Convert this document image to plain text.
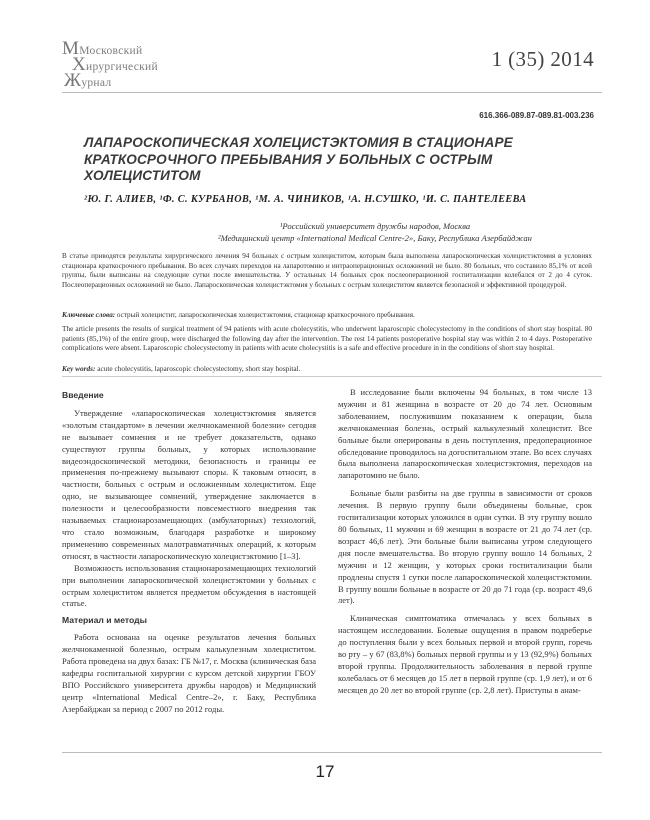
MМосковский
Xирургический
Журнал
1 (35) 2014
616.366-089.87-089.81-003.236
ЛАПАРОСКОПИЧЕСКАЯ ХОЛЕЦИСТЭКТОМИЯ В СТАЦИОНАРЕ КРАТКОСРОЧНОГО ПРЕБЫВАНИЯ У БОЛЬНЫХ С ОСТРЫМ ХОЛЕЦИСТИТОМ
²Ю. Г. АЛИЕВ, ¹Ф. С. КУРБАНОВ, ¹М. А. ЧИНИКОВ, ¹А. Н.СУШКО, ¹И. С. ПАНТЕЛЕЕВА
¹Российский университет дружбы народов, Москва
²Медицинский центр «International Medical Centre-2», Баку, Республика Азербайджан
В статье приводятся результаты хирургического лечения 94 больных с острым холециститом, которым была выполнена лапароскопическая холецистэктомия в условиях стационара краткосрочного пребывания. Во всех случаях переходов на лапаротомию и интраоперационных осложнений не было. 80 больных, что составило 85,1% от всей группы, были выписаны на следующие сутки после вмешательства. У остальных 14 больных срок послеоперационной госпитализации колебался от 2 до 4 суток. Послеоперационных осложнений не было. Лапароскопическая холецистэктомия у больных с острым холециститом является безопасной и эффективной процедурой.
Ключевые слова: острый холецистит, лапароскопическая холецистэктомия, стационар краткосрочного пребывания.
The article presents the results of surgical treatment of 94 patients with acute cholecystitis, who underwent laparoscopic cholecystectomy in the conditions of short stay hospital. 80 patients (85,1%) of the entire group, were discharged the following day after the intervention. The rest 14 patients postoperative hospital stay was within 2 to 4 days. Postoperative complications were absent. Laparoscopic cholecystectomy in patients with acute cholecystitis is a safe and effective procedure in in the conditions of short stay hospital.
Key words: acute cholecystitis, laparoscopic cholecystectomy, short stay hospital.
Введение

Утверждение «лапароскопическая холецистэктомия является «золотым стандартом» в лечении желчнокаменной болезни» сегодня не вызывает сомнения и не требует доказательств, однако существуют группы больных, у которых использование видеоэндоскопической методики, безопасность и границы ее применения по-прежнему вызывают споры. К таковым относят, в частности, больных с острым и осложненным холециститом. Еще одно, не вызывающее сомнений, утверждение заключается в полезности и целесообразности повсеместного внедрения так называемых стационарозамещающих (амбулаторных) технологий, что стало возможным, благодаря разработке и широкому применению современных малотравматичных операций, к которым относят, в частности лапароскопическую холецистэктомию [1–3].

Возможность использования стационарозамещающих технологий при выполнении лапароскопической холецистэктомии у больных с острым холециститом является предметом обсуждения в настоящей статье.

Материал и методы

Работа основана на оценке результатов лечения больных желчнокаменной болезнью, острым калькулезным холециститом. Работа проведена на двух базах: ГБ №17, г. Москва (клиническая база кафедры госпитальной хирургии с курсом детской хирургии ГБОУ ВПО Российского университета дружбы народов) и Медицинский центр «International Medical Centre–2», г. Баку, Республика Азербайджан за период с 2007 по 2012 годы.

В исследование были включены 94 больных, в том числе 13 мужчин и 81 женщина в возрасте от 20 до 74 лет. Основным заболеванием, послужившим показанием к операции, была желчнокаменная болезнь, острый калькулезный холецистит. Все больные были оперированы в день поступления, предоперационное обследование проводилось на догоспитальном этапе. Во всех случаях была выполнена лапароскопическая холецистэктомия, переходов на лапаротомию не было.

Больные были разбиты на две группы в зависимости от сроков лечения. В первую группу были объединены больные, срок госпитализации которых уложился в одни сутки. В эту группу вошло 80 больных, 11 мужчин и 69 женщин в возрасте от 21 до 74 лет (ср. возраст 46,6 лет). Эти больные были выписаны утром следующего дня после вмешательства. Во вторую группу вошло 14 больных, 2 мужчин и 12 женщин, у которых сроки госпитализации были продлены спустя 1 сутки после лапароскопической холецистэктомии. В группу вошли больные в возрасте от 20 до 71 года (ср. возраст 49,6 лет).

Клиническая симптоматика отмечалась у всех больных в настоящем исследовании. Болевые ощущения в правом подреберье до поступления были у всех больных первой и второй групп, горечь во рту – у 67 (83,8%) больных первой группы и у 13 (92,9%) больных второй группы. Продолжительность заболевания в первой группе колебалась от 6 месяцев до 15 лет в первой группе (ср. 1,9 лет), и от 6 месяцев до 20 лет во второй группе (ср. 2,8 лет). Приступы в анам-

17
